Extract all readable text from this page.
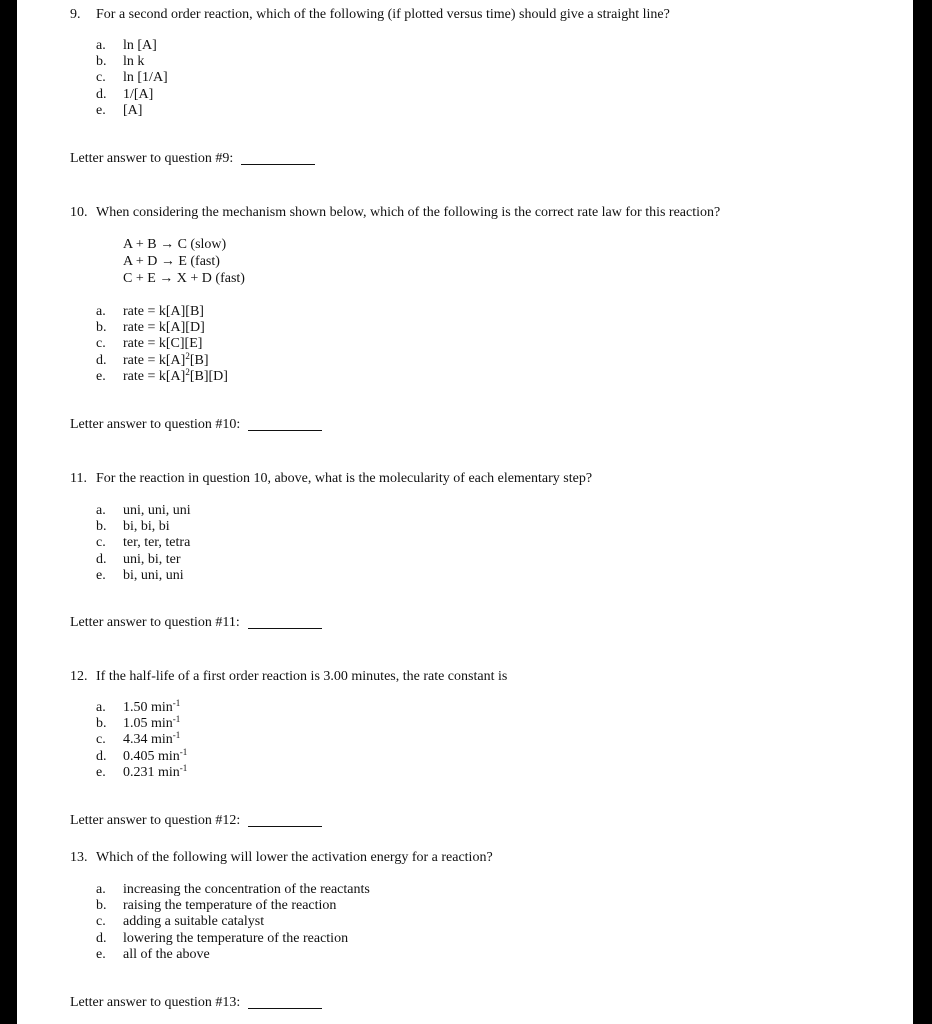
9. For a second order reaction, which of the following (if plotted versus time) should give a straight line?
a. ln [A]
b. ln k
c. ln [1/A]
d. 1/[A]
e. [A]
Letter answer to question #9:
10. When considering the mechanism shown below, which of the following is the correct rate law for this reaction?
A + B → C (slow)
A + D → E (fast)
C + E → X + D (fast)
a. rate = k[A][B]
b. rate = k[A][D]
c. rate = k[C][E]
d. rate = $k[A]^2[B]$
e. rate = $k[A]^2[B][D]$
Letter answer to question #10:
11. For the reaction in question 10, above, what is the molecularity of each elementary step?
a. uni, uni, uni
b. bi, bi, bi
c. ter, ter, tetra
d. uni, bi, ter
e. bi, uni, uni
Letter answer to question #11:
12. If the half-life of a first order reaction is 3.00 minutes, the rate constant is
a. 1.50 $\min^{-1}$
b. 1.05 $\min^{-1}$
c. 4.34 $\min^{-1}$
d. 0.405 $\min^{-1}$
e. 0.231 $\min^{-1}$
Letter answer to question #12:
13. Which of the following will lower the activation energy for a reaction?
a. increasing the concentration of the reactants
b. raising the temperature of the reaction
c. adding a suitable catalyst
d. lowering the temperature of the reaction
e. all of the above
Letter answer to question #13:
